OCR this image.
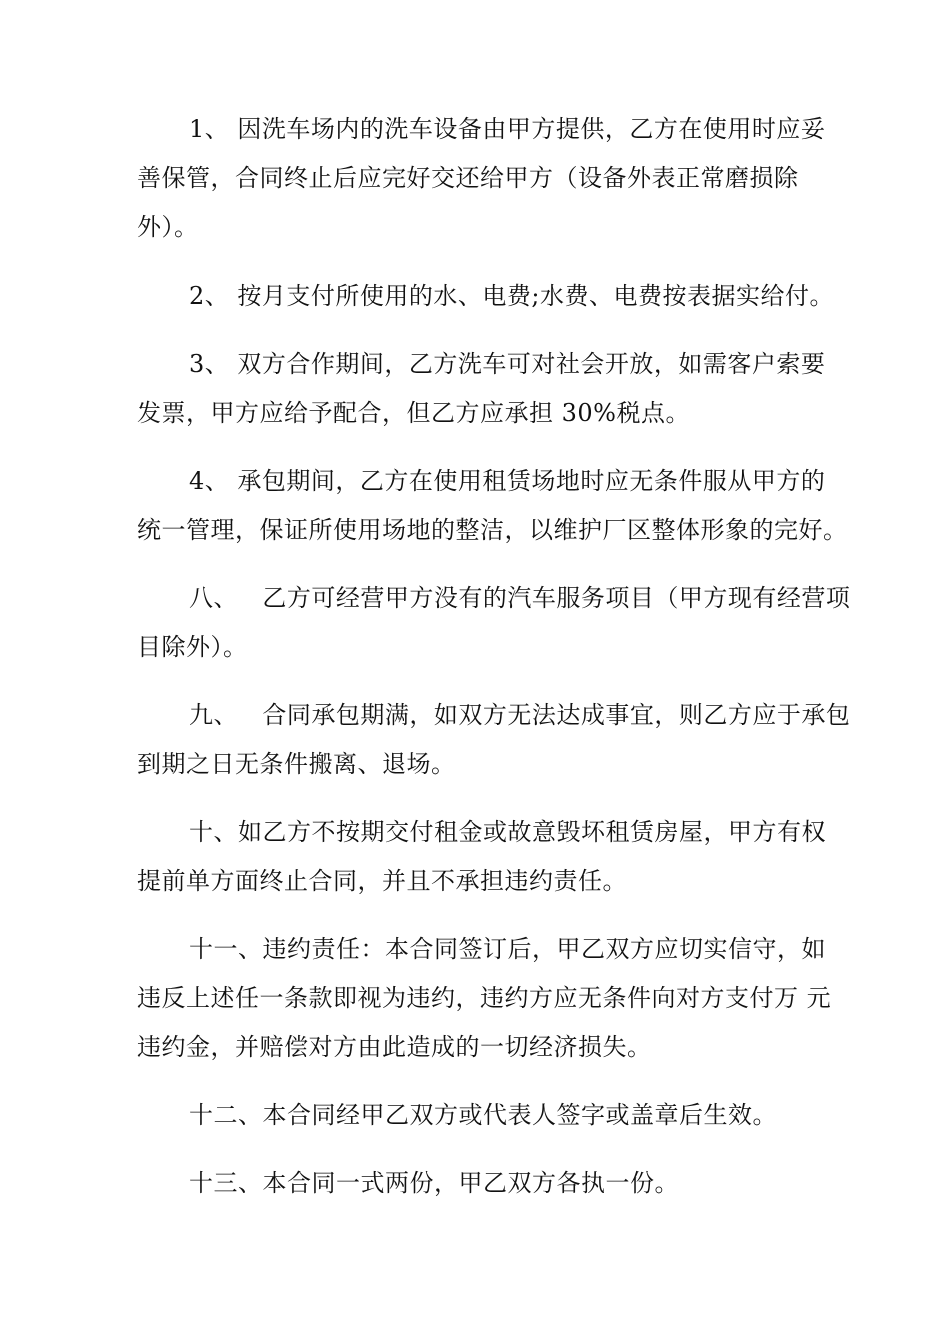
1、 因洗车场内的洗车设备由甲方提供，乙方在使用时应妥
善保管，合同终止后应完好交还给甲方（设备外表正常磨损除
外）。
2、 按月支付所使用的水、电费;水费、电费按表据实给付。
3、 双方合作期间，乙方洗车可对社会开放，如需客户索要
发票，甲方应给予配合，但乙方应承担 30%税点。
4、 承包期间，乙方在使用租赁场地时应无条件服从甲方的
统一管理，保证所使用场地的整洁，以维护厂区整体形象的完好。
八、   乙方可经营甲方没有的汽车服务项目（甲方现有经营项
目除外）。
九、   合同承包期满，如双方无法达成事宜，则乙方应于承包
到期之日无条件搬离、退场。
十、如乙方不按期交付租金或故意毁坏租赁房屋，甲方有权
提前单方面终止合同，并且不承担违约责任。
十一、违约责任：本合同签订后，甲乙双方应切实信守，如
违反上述任一条款即视为违约，违约方应无条件向对方支付万 元
违约金，并赔偿对方由此造成的一切经济损失。
十二、本合同经甲乙双方或代表人签字或盖章后生效。
十三、本合同一式两份，甲乙双方各执一份。
